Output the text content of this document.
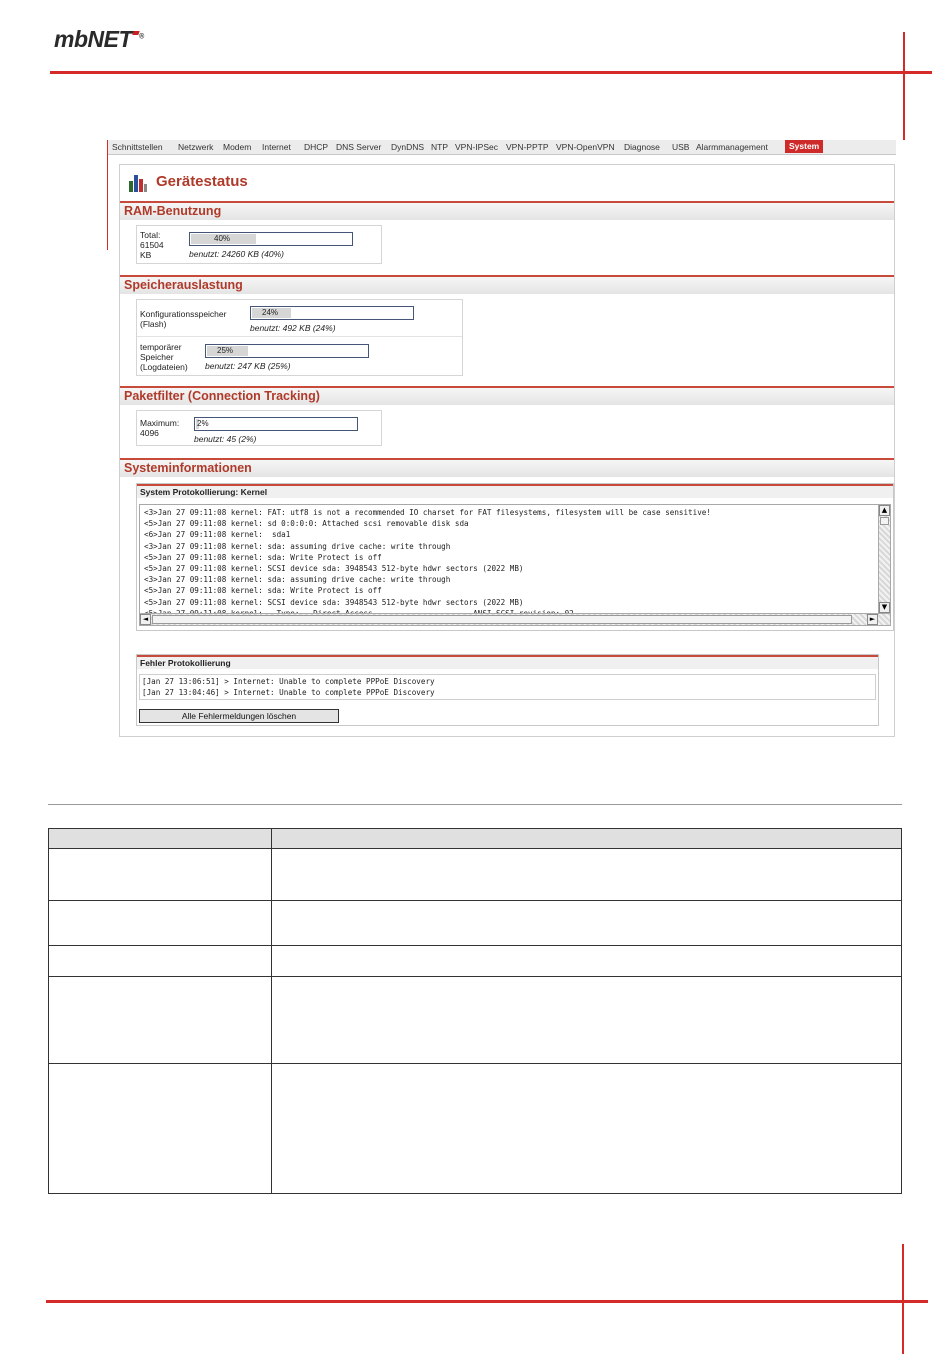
mbNET ®
Schnittstellen Netzwerk Modem Internet DHCP DNS Server DynDNS NTP VPN-IPSec VPN-PPTP VPN-OpenVPN Diagnose USB Alarmmanagement	System
Gerätestatus
RAM-Benutzung
Total:
61504
KB
40%
benutzt: 24260 KB (40%)
Speicherauslastung
Konfigurationsspeicher
(Flash)
24%
benutzt: 492 KB (24%)
temporärer
Speicher
(Logdateien)
25%
benutzt: 247 KB (25%)
Paketfilter (Connection Tracking)
Maximum:
4096
2%
benutzt: 45 (2%)
Systeminformationen
System Protokollierung: Kernel
<5>Jan 27 09:11:08 kernel: SCSI device sda: 3948543 512-byte hdwr sectors (2022 MB)
<5>Jan 27 09:11:08 kernel: sda: Write Protect is off
<3>Jan 27 09:11:08 kernel: sda: assuming drive cache: write through
<5>Jan 27 09:11:08 kernel: SCSI device sda: 3948543 512-byte hdwr sectors (2022 MB)
<5>Jan 27 09:11:08 kernel: sda: Write Protect is off
<3>Jan 27 09:11:08 kernel: sda: assuming drive cache: write through
<6>Jan 27 09:11:08 kernel:  sda1
<5>Jan 27 09:11:08 kernel: sd 0:0:0:0: Attached scsi removable disk sda
<3>Jan 27 09:11:08 kernel: FAT: utf8 is not a recommended IO charset for FAT filesystems, filesystem will be case sensitive!	▲
▼
◄	►
Fehler Protokollierung
[Jan 27 13:06:51] > Internet: Unable to complete PPPoE Discovery
[Jan 27 13:04:46] > Internet: Unable to complete PPPoE Discovery
Alle Fehlermeldungen löschen
